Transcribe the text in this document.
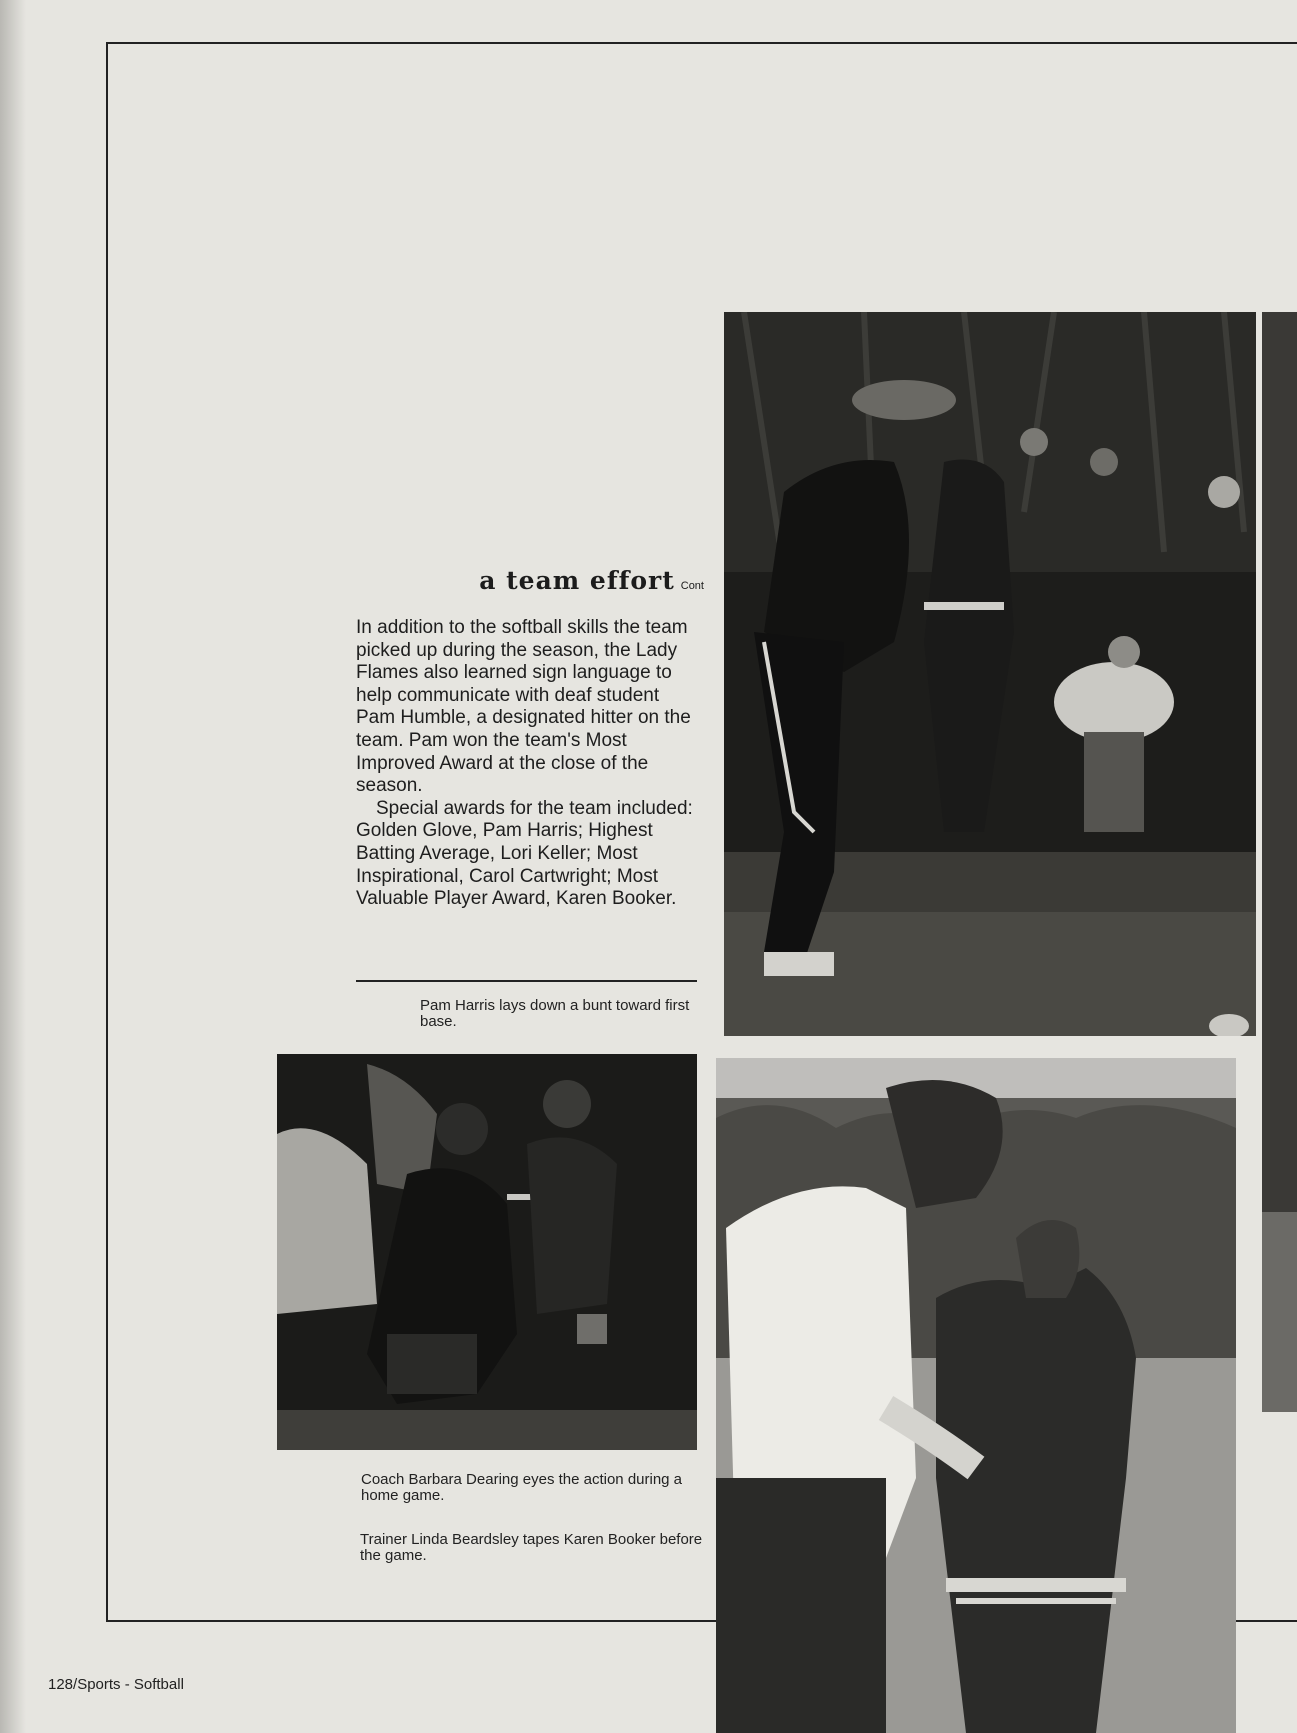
a team effort Cont

In addition to the softball skills the team picked up during the season, the Lady Flames also learned sign language to help communicate with deaf student Pam Humble, a designated hitter on the team. Pam won the team's Most Improved Award at the close of the season.

Special awards for the team included: Golden Glove, Pam Harris; Highest Batting Average, Lori Keller; Most Inspirational, Carol Cartwright; Most Valuable Player Award, Karen Booker.

Pam Harris lays down a bunt toward first base.
Coach Barbara Dearing eyes the action during a home game.
Trainer Linda Beardsley tapes Karen Booker before the game.
128/Sports - Softball
